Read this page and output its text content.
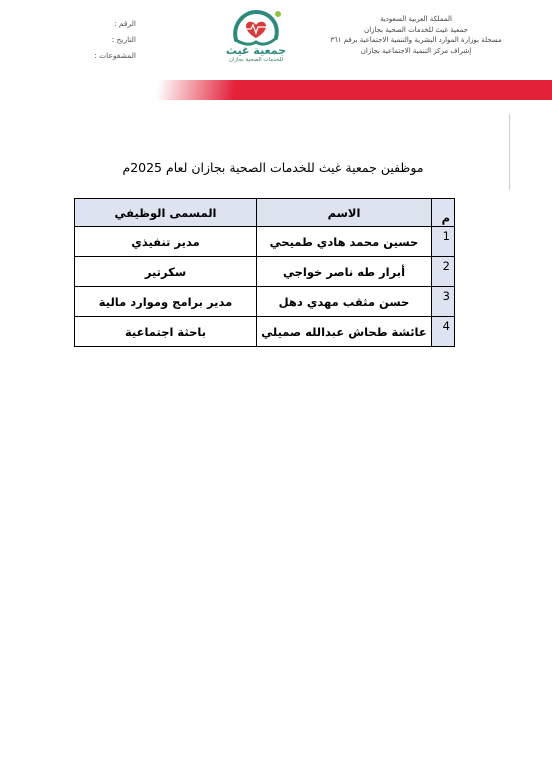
المملكة العربية السعودية
جمعية غيث للخدمات الصحية بجازان
مسجلة بوزارة الموارد البشرية والتنمية الاجتماعية برقم ٣٦١
إشراف مركز التنمية الاجتماعية بجازان
الرقم :
التاريخ :
المشفوعات :	جمعية غيث
للخدمات الصحية بجازان
موظفين جمعية غيث للخدمات الصحية بجازان لعام 2025م
م	الاسم	المسمى الوظيفي
1	حسين محمد هادي طميحي	مدير تنفيذي
2	أبرار طه ناصر خواجي	سكرتير
3	حسن مثقب مهدي دهل	مدير برامج وموارد مالية
4	عائشة طحاش عبدالله صميلي	باحثة اجتماعية
